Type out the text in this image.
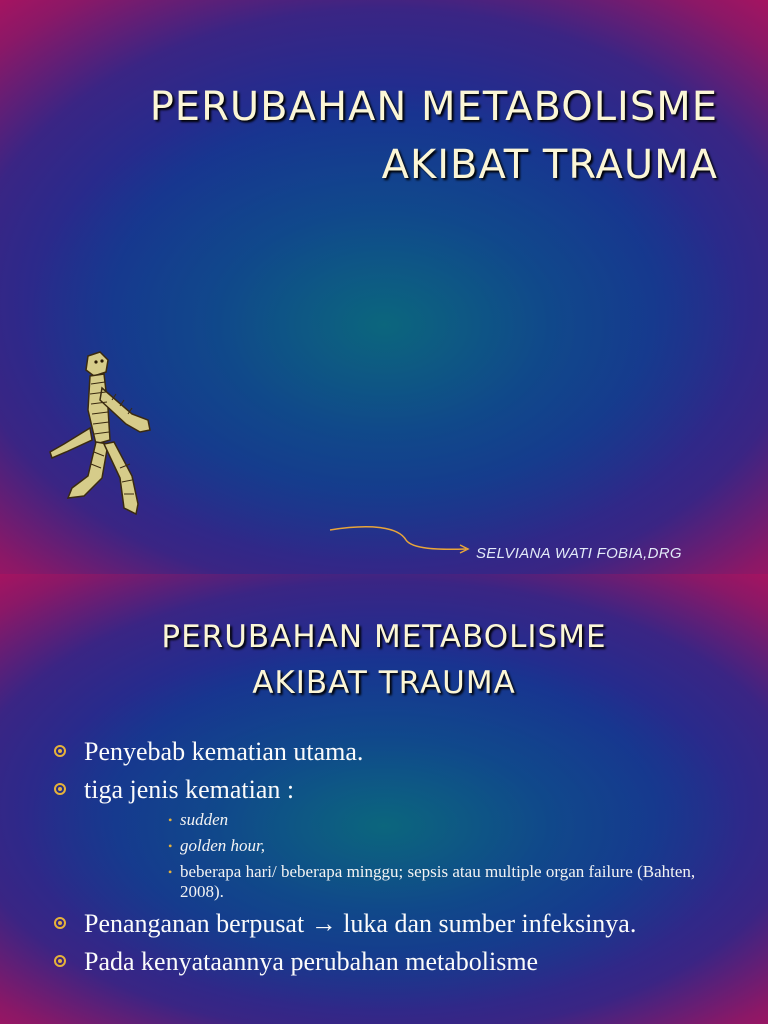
PERUBAHAN METABOLISME
AKIBAT TRAUMA
SELVIANA WATI FOBIA,DRG
PERUBAHAN METABOLISME
AKIBAT TRAUMA
Penyebab kematian utama.
tiga jenis kematian :
• sudden
• golden hour,
• beberapa hari/ beberapa minggu; sepsis atau multiple organ failure (Bahten, 2008).
Penanganan berpusat → luka dan sumber infeksinya.
Pada kenyataannya perubahan metabolisme
